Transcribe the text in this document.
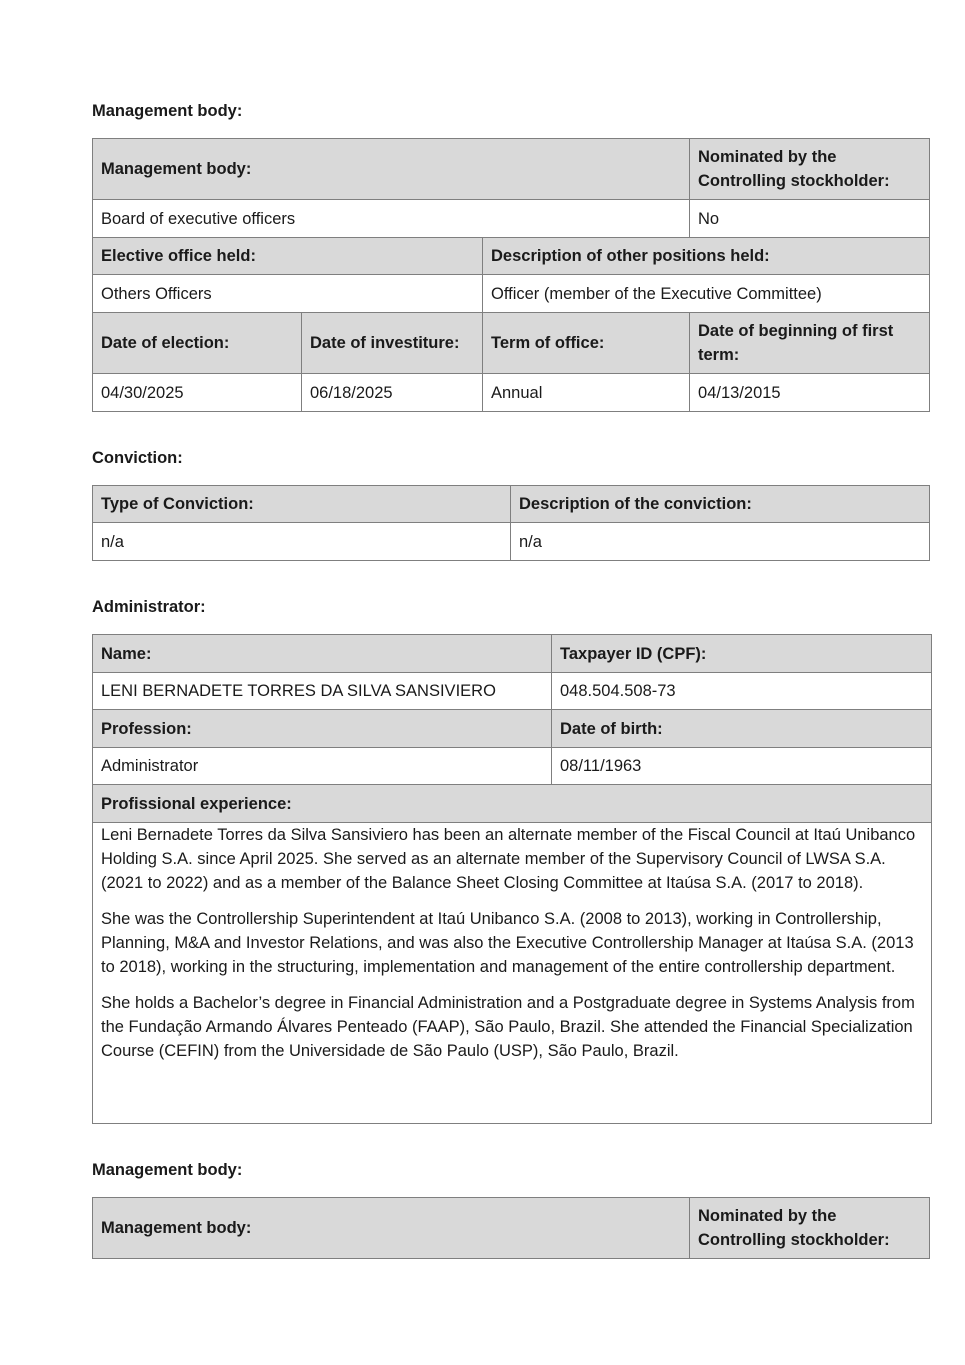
Management body:

Management body:			Nominated by the Controlling stockholder:
Board of executive officers			No
Elective office held:		Description of other positions held:	
Others Officers		Officer (member of the Executive Committee)	
Date of election:	Date of investiture:	Term of office:	Date of beginning of first term:
04/30/2025	06/18/2025	Annual	04/13/2015

Conviction:

Type of Conviction:	Description of the conviction:
n/a	n/a

Administrator:

Name:	Taxpayer ID (CPF):
LENI BERNADETE TORRES DA SILVA SANSIVIERO	048.504.508-73
Profession:	Date of birth:
Administrator	08/11/1963
Profissional experience:	

Leni Bernadete Torres da Silva Sansiviero has been an alternate member of the Fiscal Council at Itaú Unibanco Holding S.A. since April 2025. She served as an alternate member of the Supervisory Council of LWSA S.A. (2021 to 2022) and as a member of the Balance Sheet Closing Committee at Itaúsa S.A. (2017 to 2018).

She was the Controllership Superintendent at Itaú Unibanco S.A. (2008 to 2013), working in Controllership, Planning, M&A and Investor Relations, and was also the Executive Controllership Manager at Itaúsa S.A. (2013 to 2018), working in the structuring, implementation and management of the entire controllership department.

She holds a Bachelor’s degree in Financial Administration and a Postgraduate degree in Systems Analysis from the Fundação Armando Álvares Penteado (FAAP), São Paulo, Brazil. She attended the Financial Specialization Course (CEFIN) from the Universidade de São Paulo (USP), São Paulo, Brazil.	

Management body:

Management body:	Nominated by the Controlling stockholder:
